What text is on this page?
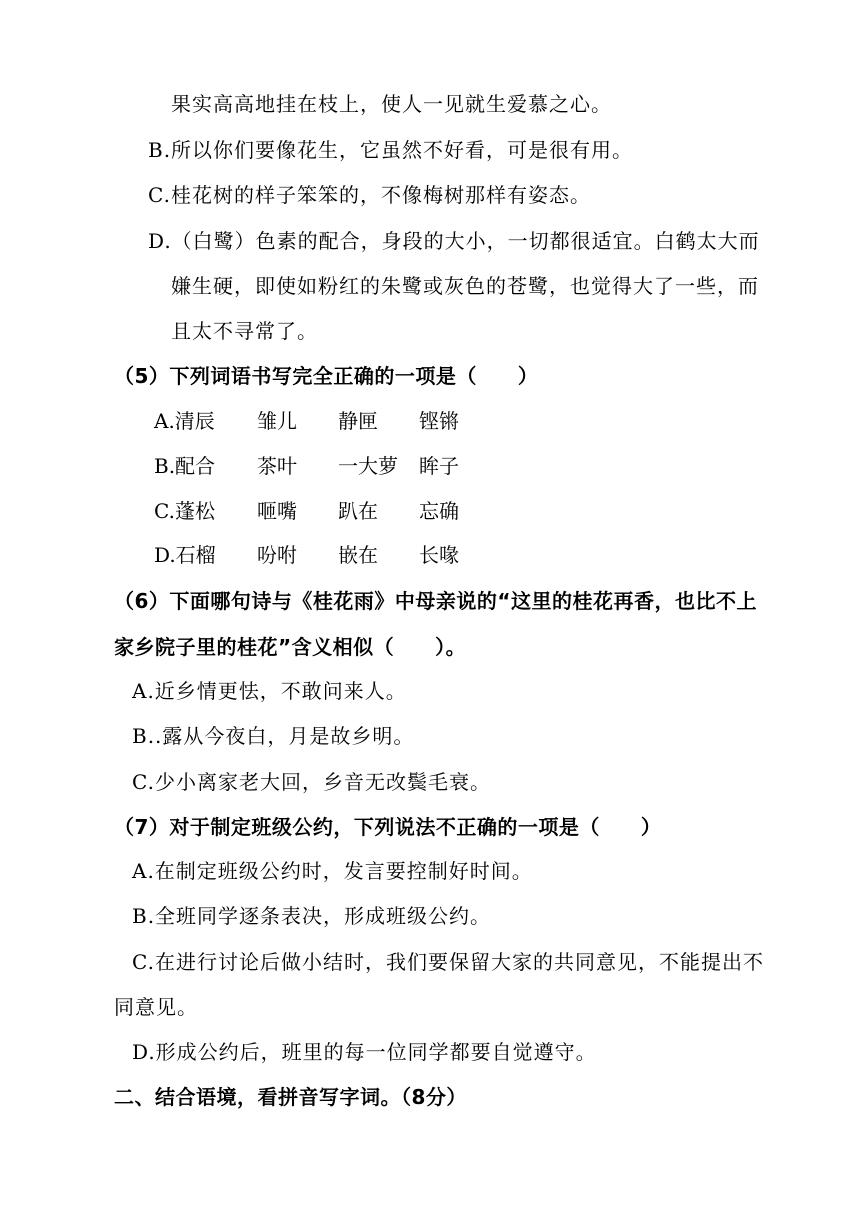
果实高高地挂在枝上，使人一见就生爱慕之心。
B.所以你们要像花生，它虽然不好看，可是很有用。
C.桂花树的样子笨笨的，不像梅树那样有姿态。
D.（白鹭）色素的配合，身段的大小，一切都很适宜。白鹤太大而
嫌生硬，即使如粉红的朱鹭或灰色的苍鹭，也觉得大了一些，而
且太不寻常了。
（5）下列词语书写完全正确的一项是（　　）
A.清辰 雏儿 静匣 铿锵
B.配合 茶叶 一大萝 眸子
C.蓬松 咂嘴 趴在 忘确
D.石榴 吩咐 嵌在 长喙
（6）下面哪句诗与《桂花雨》中母亲说的“这里的桂花再香，也比不上
家乡院子里的桂花”含义相似（　　）。
A.近乡情更怯，不敢问来人。
B..露从今夜白，月是故乡明。
C.少小离家老大回，乡音无改鬓毛衰。
（7）对于制定班级公约，下列说法不正确的一项是（　　）
A.在制定班级公约时，发言要控制好时间。
B.全班同学逐条表决，形成班级公约。
C.在进行讨论后做小结时，我们要保留大家的共同意见，不能提出不
同意见。
D.形成公约后，班里的每一位同学都要自觉遵守。
二、结合语境，看拼音写字词。（8分）
